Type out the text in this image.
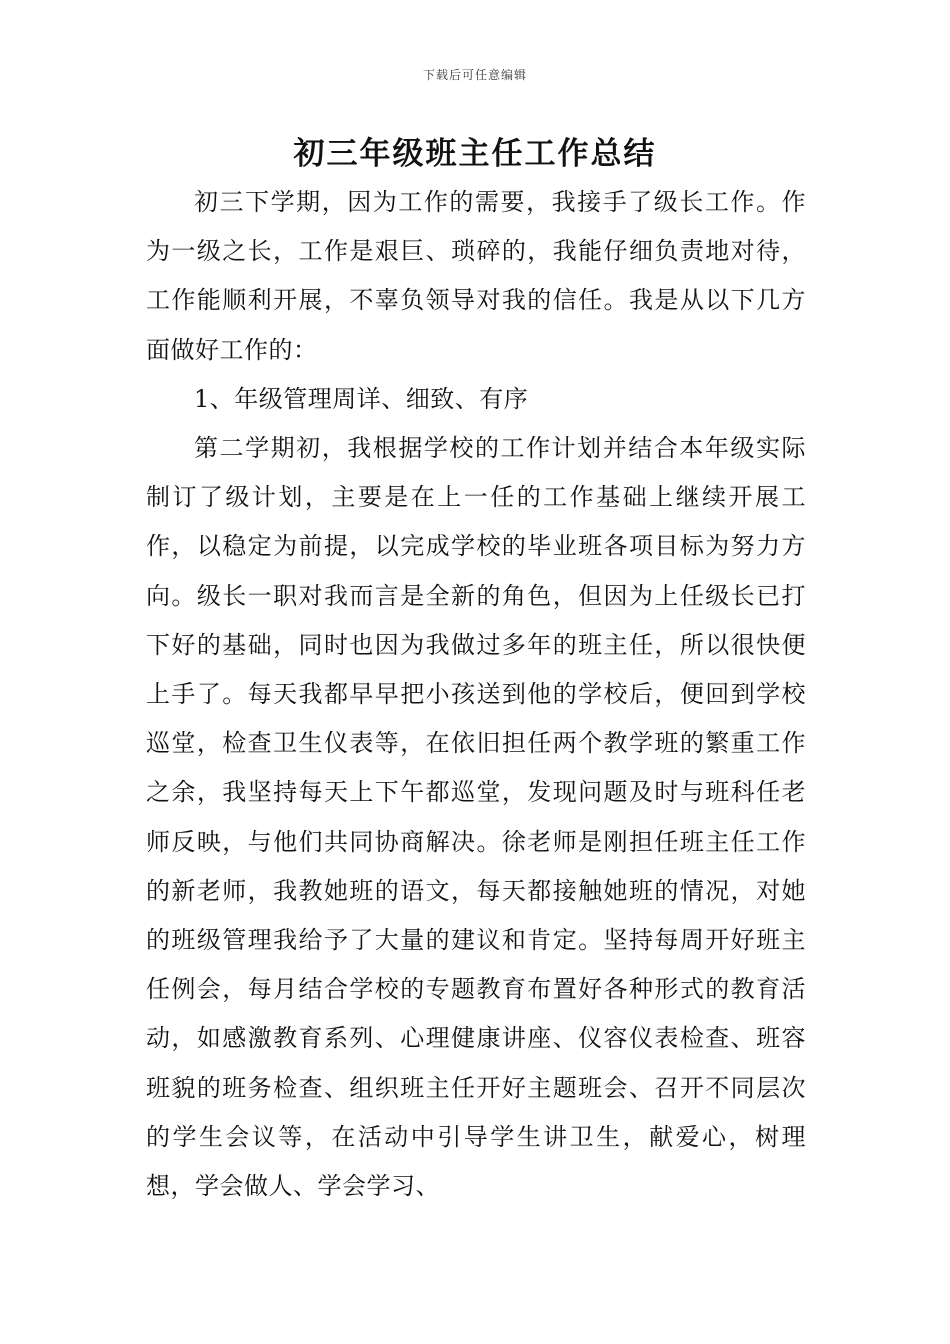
下载后可任意编辑
初三年级班主任工作总结

初三下学期，因为工作的需要，我接手了级长工作。作为一级之长，工作是艰巨、琐碎的，我能仔细负责地对待，工作能顺利开展，不辜负领导对我的信任。我是从以下几方面做好工作的：

1、年级管理周详、细致、有序

第二学期初，我根据学校的工作计划并结合本年级实际制订了级计划，主要是在上一任的工作基础上继续开展工作，以稳定为前提，以完成学校的毕业班各项目标为努力方向。级长一职对我而言是全新的角色，但因为上任级长已打下好的基础，同时也因为我做过多年的班主任，所以很快便上手了。每天我都早早把小孩送到他的学校后，便回到学校巡堂，检查卫生仪表等，在依旧担任两个教学班的繁重工作之余，我坚持每天上下午都巡堂，发现问题及时与班科任老师反映，与他们共同协商解决。徐老师是刚担任班主任工作的新老师，我教她班的语文，每天都接触她班的情况，对她的班级管理我给予了大量的建议和肯定。坚持每周开好班主任例会，每月结合学校的专题教育布置好各种形式的教育活动，如感激教育系列、心理健康讲座、仪容仪表检查、班容班貌的班务检查、组织班主任开好主题班会、召开不同层次的学生会议等，在活动中引导学生讲卫生，献爱心，树理想，学会做人、学会学习、
